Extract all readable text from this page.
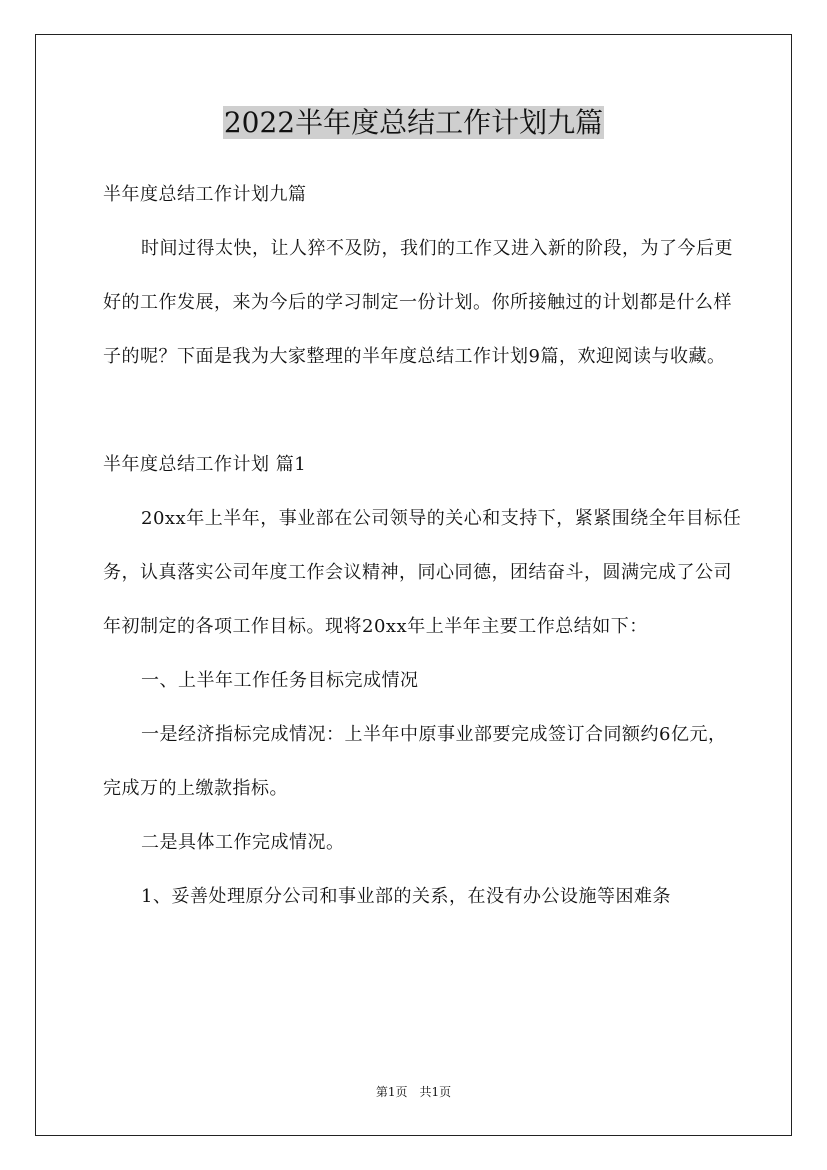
2022半年度总结工作计划九篇

半年度总结工作计划九篇

时间过得太快，让人猝不及防，我们的工作又进入新的阶段，为了今后更好的工作发展，来为今后的学习制定一份计划。你所接触过的计划都是什么样子的呢？下面是我为大家整理的半年度总结工作计划9篇，欢迎阅读与收藏。

半年度总结工作计划 篇1

20xx年上半年，事业部在公司领导的关心和支持下，紧紧围绕全年目标任务，认真落实公司年度工作会议精神，同心同德，团结奋斗，圆满完成了公司年初制定的各项工作目标。现将20xx年上半年主要工作总结如下：

一、上半年工作任务目标完成情况

一是经济指标完成情况：上半年中原事业部要完成签订合同额约6亿元，完成万的上缴款指标。

二是具体工作完成情况。

1、妥善处理原分公司和事业部的关系，在没有办公设施等困难条

第1页　共1页
